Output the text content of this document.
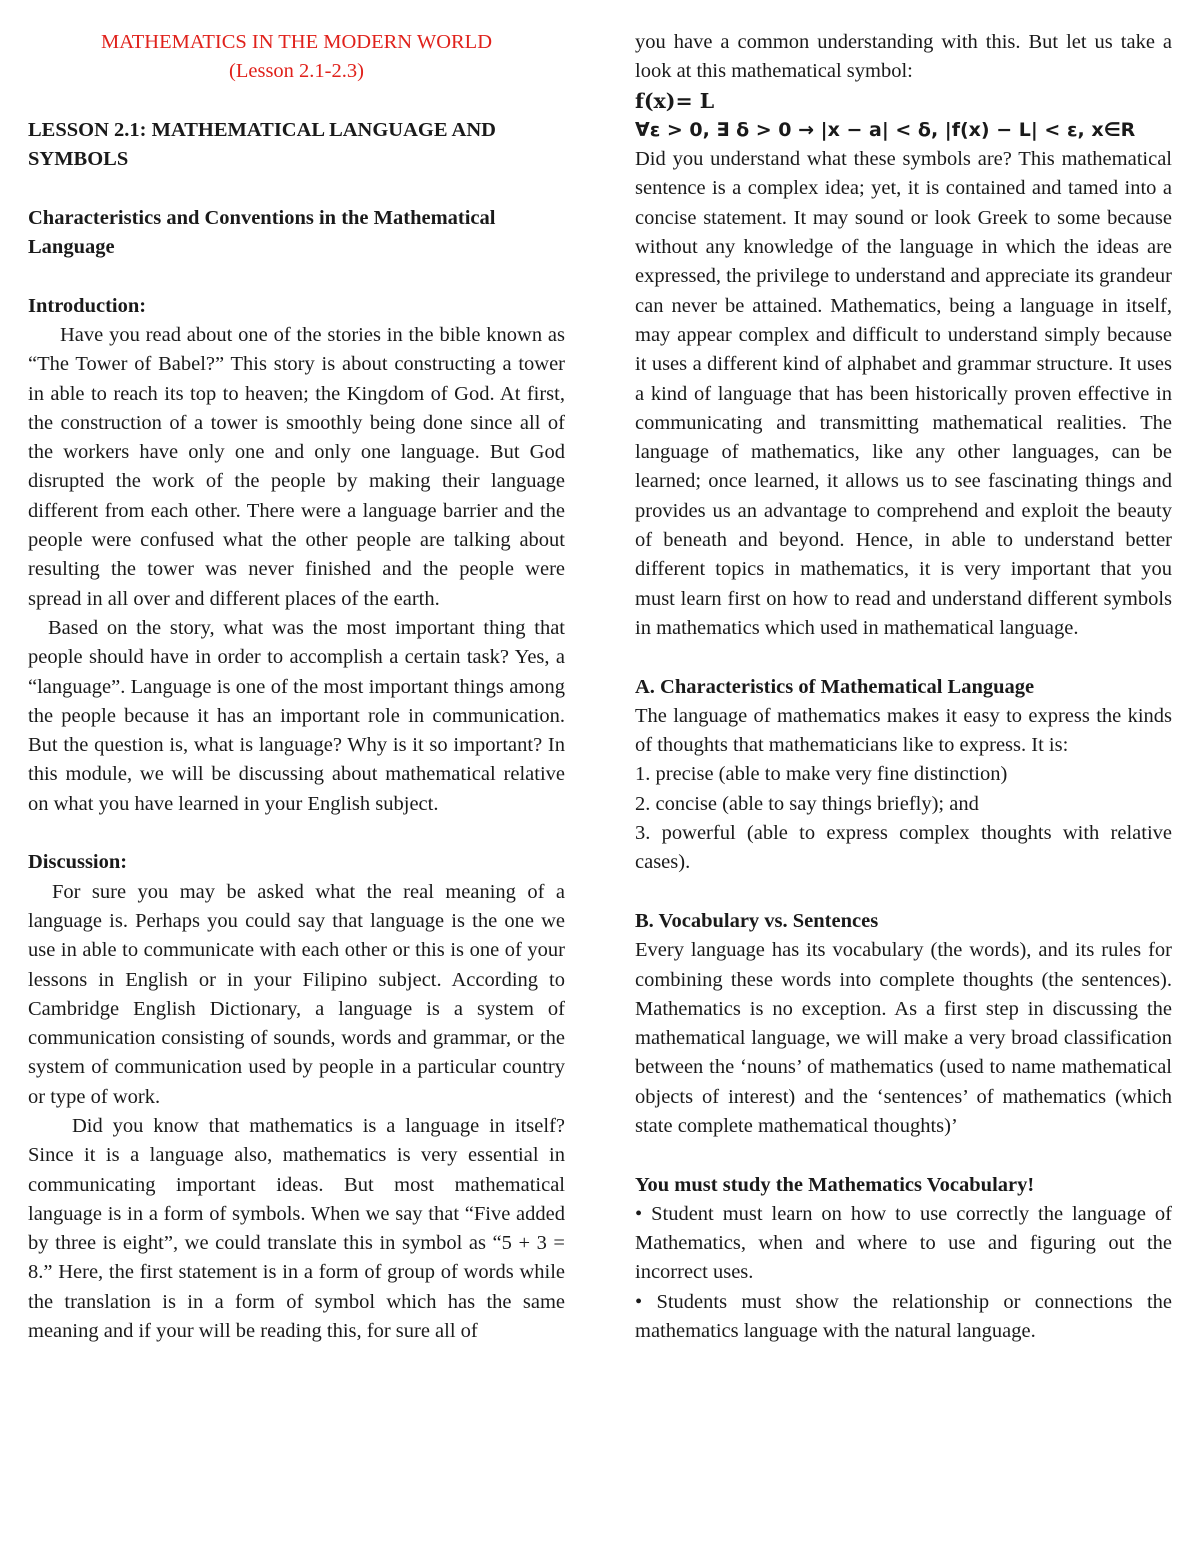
MATHEMATICS IN THE MODERN WORLD

(Lesson 2.1-2.3)

LESSON 2.1: MATHEMATICAL LANGUAGE AND SYMBOLS

Characteristics and Conventions in the Mathematical Language

Introduction:

Have you read about one of the stories in the bible known as “The Tower of Babel?” This story is about constructing a tower in able to reach its top to heaven; the Kingdom of God. At first, the construction of a tower is smoothly being done since all of the workers have only one and only one language. But God disrupted the work of the people by making their language different from each other. There were a language barrier and the people were confused what the other people are talking about resulting the tower was never finished and the people were spread in all over and different places of the earth.

Based on the story, what was the most important thing that people should have in order to accomplish a certain task? Yes, a “language”. Language is one of the most important things among the people because it has an important role in communication. But the question is, what is language? Why is it so important? In this module, we will be discussing about mathematical relative on what you have learned in your English subject.

Discussion:

For sure you may be asked what the real meaning of a language is. Perhaps you could say that language is the one we use in able to communicate with each other or this is one of your lessons in English or in your Filipino subject. According to Cambridge English Dictionary, a language is a system of communication consisting of sounds, words and grammar, or the system of communication used by people in a particular country or type of work.

Did you know that mathematics is a language in itself? Since it is a language also, mathematics is very essential in communicating important ideas. But most mathematical language is in a form of symbols. When we say that “Five added by three is eight”, we could translate this in symbol as “5 + 3 = 8.” Here, the first statement is in a form of group of words while the translation is in a form of symbol which has the same meaning and if your will be reading this, for sure all of

you have a common understanding with this. But let us take a look at this mathematical symbol:

f(x)= L

∀ε > 0, ∃ δ > 0 → |x − a| < δ, |f(x) − L| < ε, x∈R

Did you understand what these symbols are? This mathematical sentence is a complex idea; yet, it is contained and tamed into a concise statement. It may sound or look Greek to some because without any knowledge of the language in which the ideas are expressed, the privilege to understand and appreciate its grandeur can never be attained. Mathematics, being a language in itself, may appear complex and difficult to understand simply because it uses a different kind of alphabet and grammar structure. It uses a kind of language that has been historically proven effective in communicating and transmitting mathematical realities. The language of mathematics, like any other languages, can be learned; once learned, it allows us to see fascinating things and provides us an advantage to comprehend and exploit the beauty of beneath and beyond. Hence, in able to understand better different topics in mathematics, it is very important that you must learn first on how to read and understand different symbols in mathematics which used in mathematical language.

A. Characteristics of Mathematical Language

The language of mathematics makes it easy to express the kinds of thoughts that mathematicians like to express. It is:

1. precise (able to make very fine distinction)

2. concise (able to say things briefly); and

3. powerful (able to express complex thoughts with relative cases).

B. Vocabulary vs. Sentences

Every language has its vocabulary (the words), and its rules for combining these words into complete thoughts (the sentences). Mathematics is no exception. As a first step in discussing the mathematical language, we will make a very broad classification between the ‘nouns’ of mathematics (used to name mathematical objects of interest) and the ‘sentences’ of mathematics (which state complete mathematical thoughts)’

You must study the Mathematics Vocabulary!

• Student must learn on how to use correctly the language of Mathematics, when and where to use and figuring out the incorrect uses.

• Students must show the relationship or connections the mathematics language with the natural language.
